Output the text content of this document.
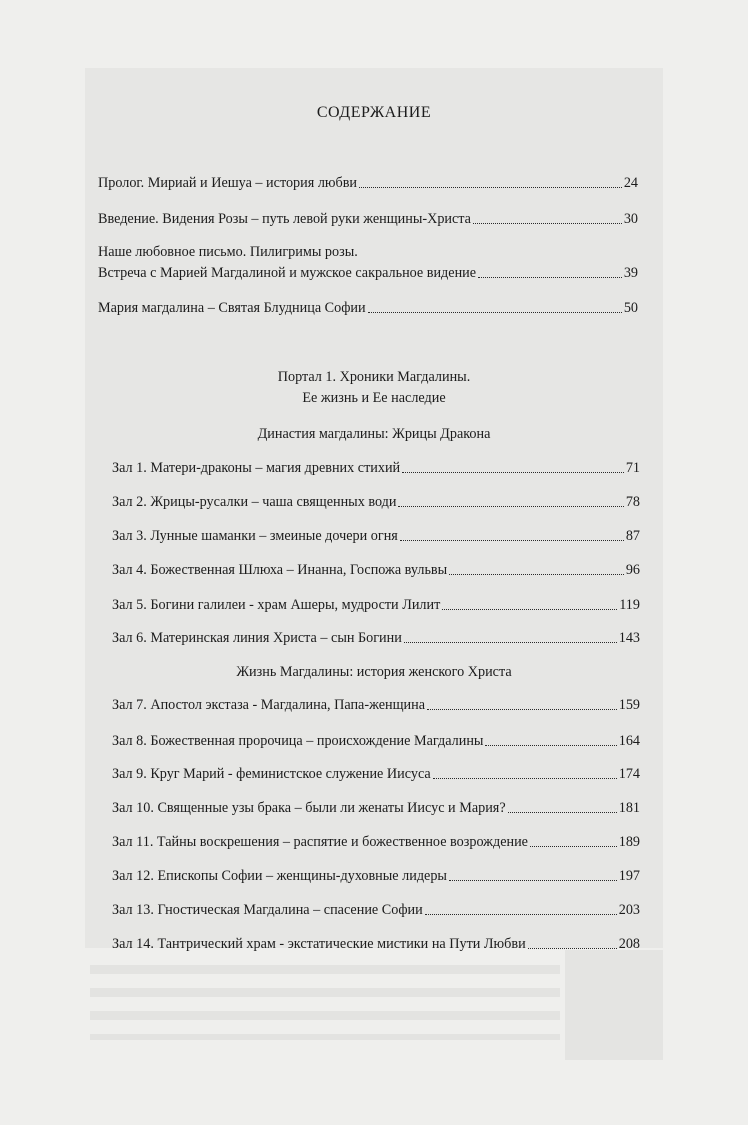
СОДЕРЖАНИЕ
Пролог. Мириай и Иешуа – история любви	24
Введение. Видения Розы – путь левой руки женщины-Христа	30
Наше любовное письмо. Пилигримы розы.
Встреча с Марией Магдалиной и мужское сакральное видение	39
Мария магдалина – Святая Блудница Софии	50
Портал 1. Хроники Магдалины.
Ее жизнь и Ее наследие
Династия магдалины: Жрицы Дракона
Зал 1. Матери-драконы – магия древних стихий	71
Зал 2. Жрицы-русалки – чаша священных води	78
Зал 3. Лунные шаманки – змеиные дочери огня	87
Зал 4. Божественная Шлюха – Инанна, Госпожа вульвы	96
Зал 5. Богини галилеи - храм Ашеры, мудрости Лилит	119
Зал 6. Материнская линия Христа – сын Богини	143
Жизнь Магдалины: история женского Христа
Зал 7. Апостол экстаза - Магдалина, Папа-женщина	159
Зал 8. Божественная пророчица – происхождение Магдалины	164
Зал 9. Круг Марий - феминистское служение Иисуса	174
Зал 10. Священные узы брака – были ли женаты Иисус и Мария?	181
Зал 11. Тайны воскрешения – распятие и божественное возрождение	189
Зал 12. Епископы Софии – женщины-духовные лидеры	197
Зал 13. Гностическая Магдалина – спасение Софии	203
Зал 14. Тантрический храм - экстатические мистики на Пути Любви	208
